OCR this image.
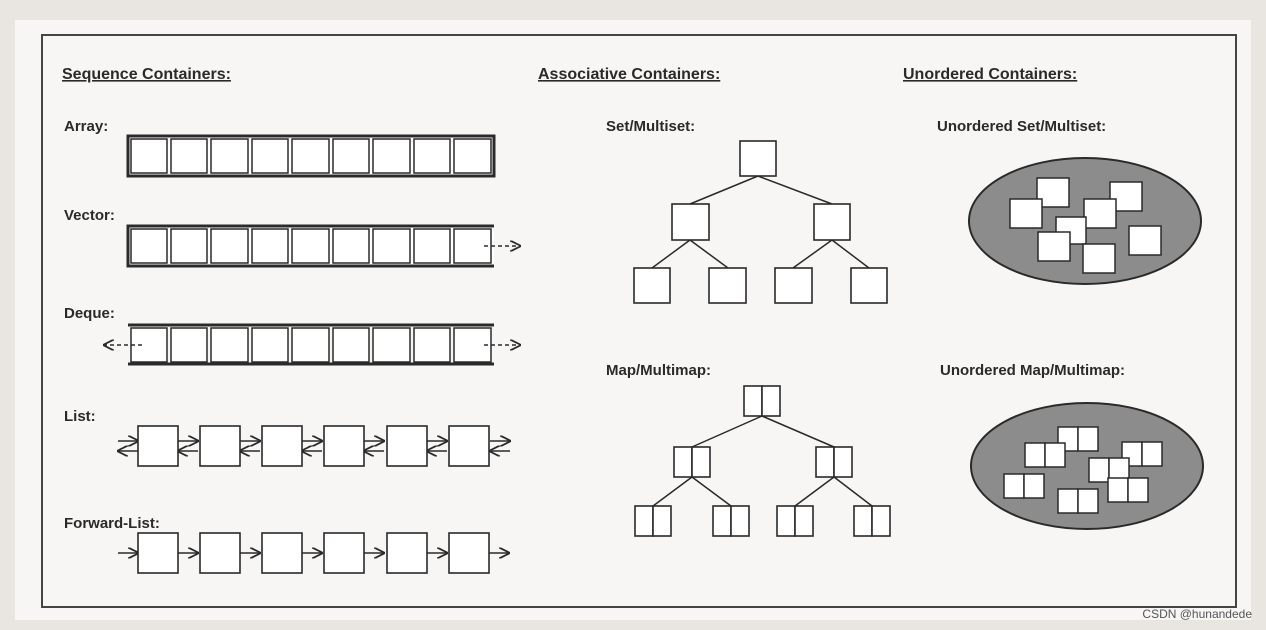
Sequence Containers:	Associative Containers:	Unordered Containers:
Array:
Vector:
Deque:
List:
Forward-List:
Set/Multiset:
Map/Multimap:
Unordered Set/Multiset:
Unordered Map/Multimap:
CSDN @hunandede
